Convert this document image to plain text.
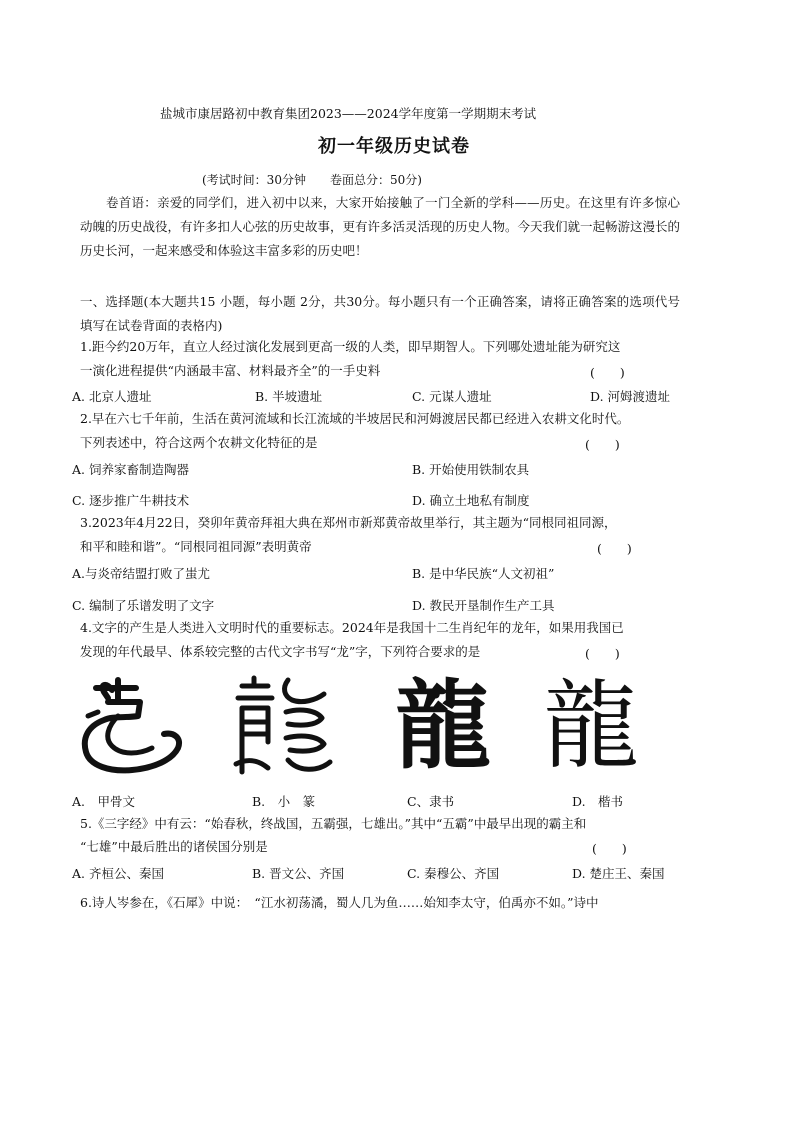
盐城市康居路初中教育集团2023——2024学年度第一学期期末考试
初一年级历史试卷
(考试时间：30分钟　　卷面总分：50分)
卷首语：亲爱的同学们，进入初中以来，大家开始接触了一门全新的学科——历史。在这里有许多惊心动魄的历史战役，有许多扣人心弦的历史故事，更有许多活灵活现的历史人物。今天我们就一起畅游这漫长的历史长河，一起来感受和体验这丰富多彩的历史吧！
一、选择题(本大题共15 小题，每小题 2分，共30分。每小题只有一个正确答案，请将正确答案的选项代号填写在试卷背面的表格内)
1.距今约20万年，直立人经过演化发展到更高一级的人类，即早期智人。下列哪处遗址能为研究这
一演化进程提供“内涵最丰富、材料最齐全”的一手史料	(　　)
A. 北京人遗址	B. 半坡遗址	C. 元谋人遗址	D. 河姆渡遗址
2.早在六七千年前，生活在黄河流域和长江流域的半坡居民和河姆渡居民都已经进入农耕文化时代。
下列表述中，符合这两个农耕文化特征的是	(　　)
A. 饲养家畜制造陶器	B. 开始使用铁制农具
C. 逐步推广牛耕技术	D. 确立土地私有制度
3.2023年4月22日，癸卯年黄帝拜祖大典在郑州市新郑黄帝故里举行，其主题为“同根同祖同源，
和平和睦和谐”。“同根同祖同源”表明黄帝	(　　)
A.与炎帝结盟打败了蚩尤	B. 是中华民族“人文初祖”
C. 编制了乐谱发明了文字	D. 教民开垦制作生产工具
4.文字的产生是人类进入文明时代的重要标志。2024年是我国十二生肖纪年的龙年，如果用我国已
发现的年代最早、体系较完整的古代文字书写“龙”字，下列符合要求的是	(　　)
龍 龍
A.　甲骨文	B.　小　篆	C、隶书	D.　楷书
5.《三字经》中有云：“始春秋，终战国，五霸强，七雄出。”其中“五霸”中最早出现的霸主和
“七雄”中最后胜出的诸侯国分别是	(　　)
A. 齐桓公、秦国	B. 晋文公、齐国	C. 秦穆公、齐国	D. 楚庄王、秦国
6.诗人岑参在，《石犀》中说：　“江水初荡潏，蜀人几为鱼……始知李太守，伯禹亦不如。”诗中
